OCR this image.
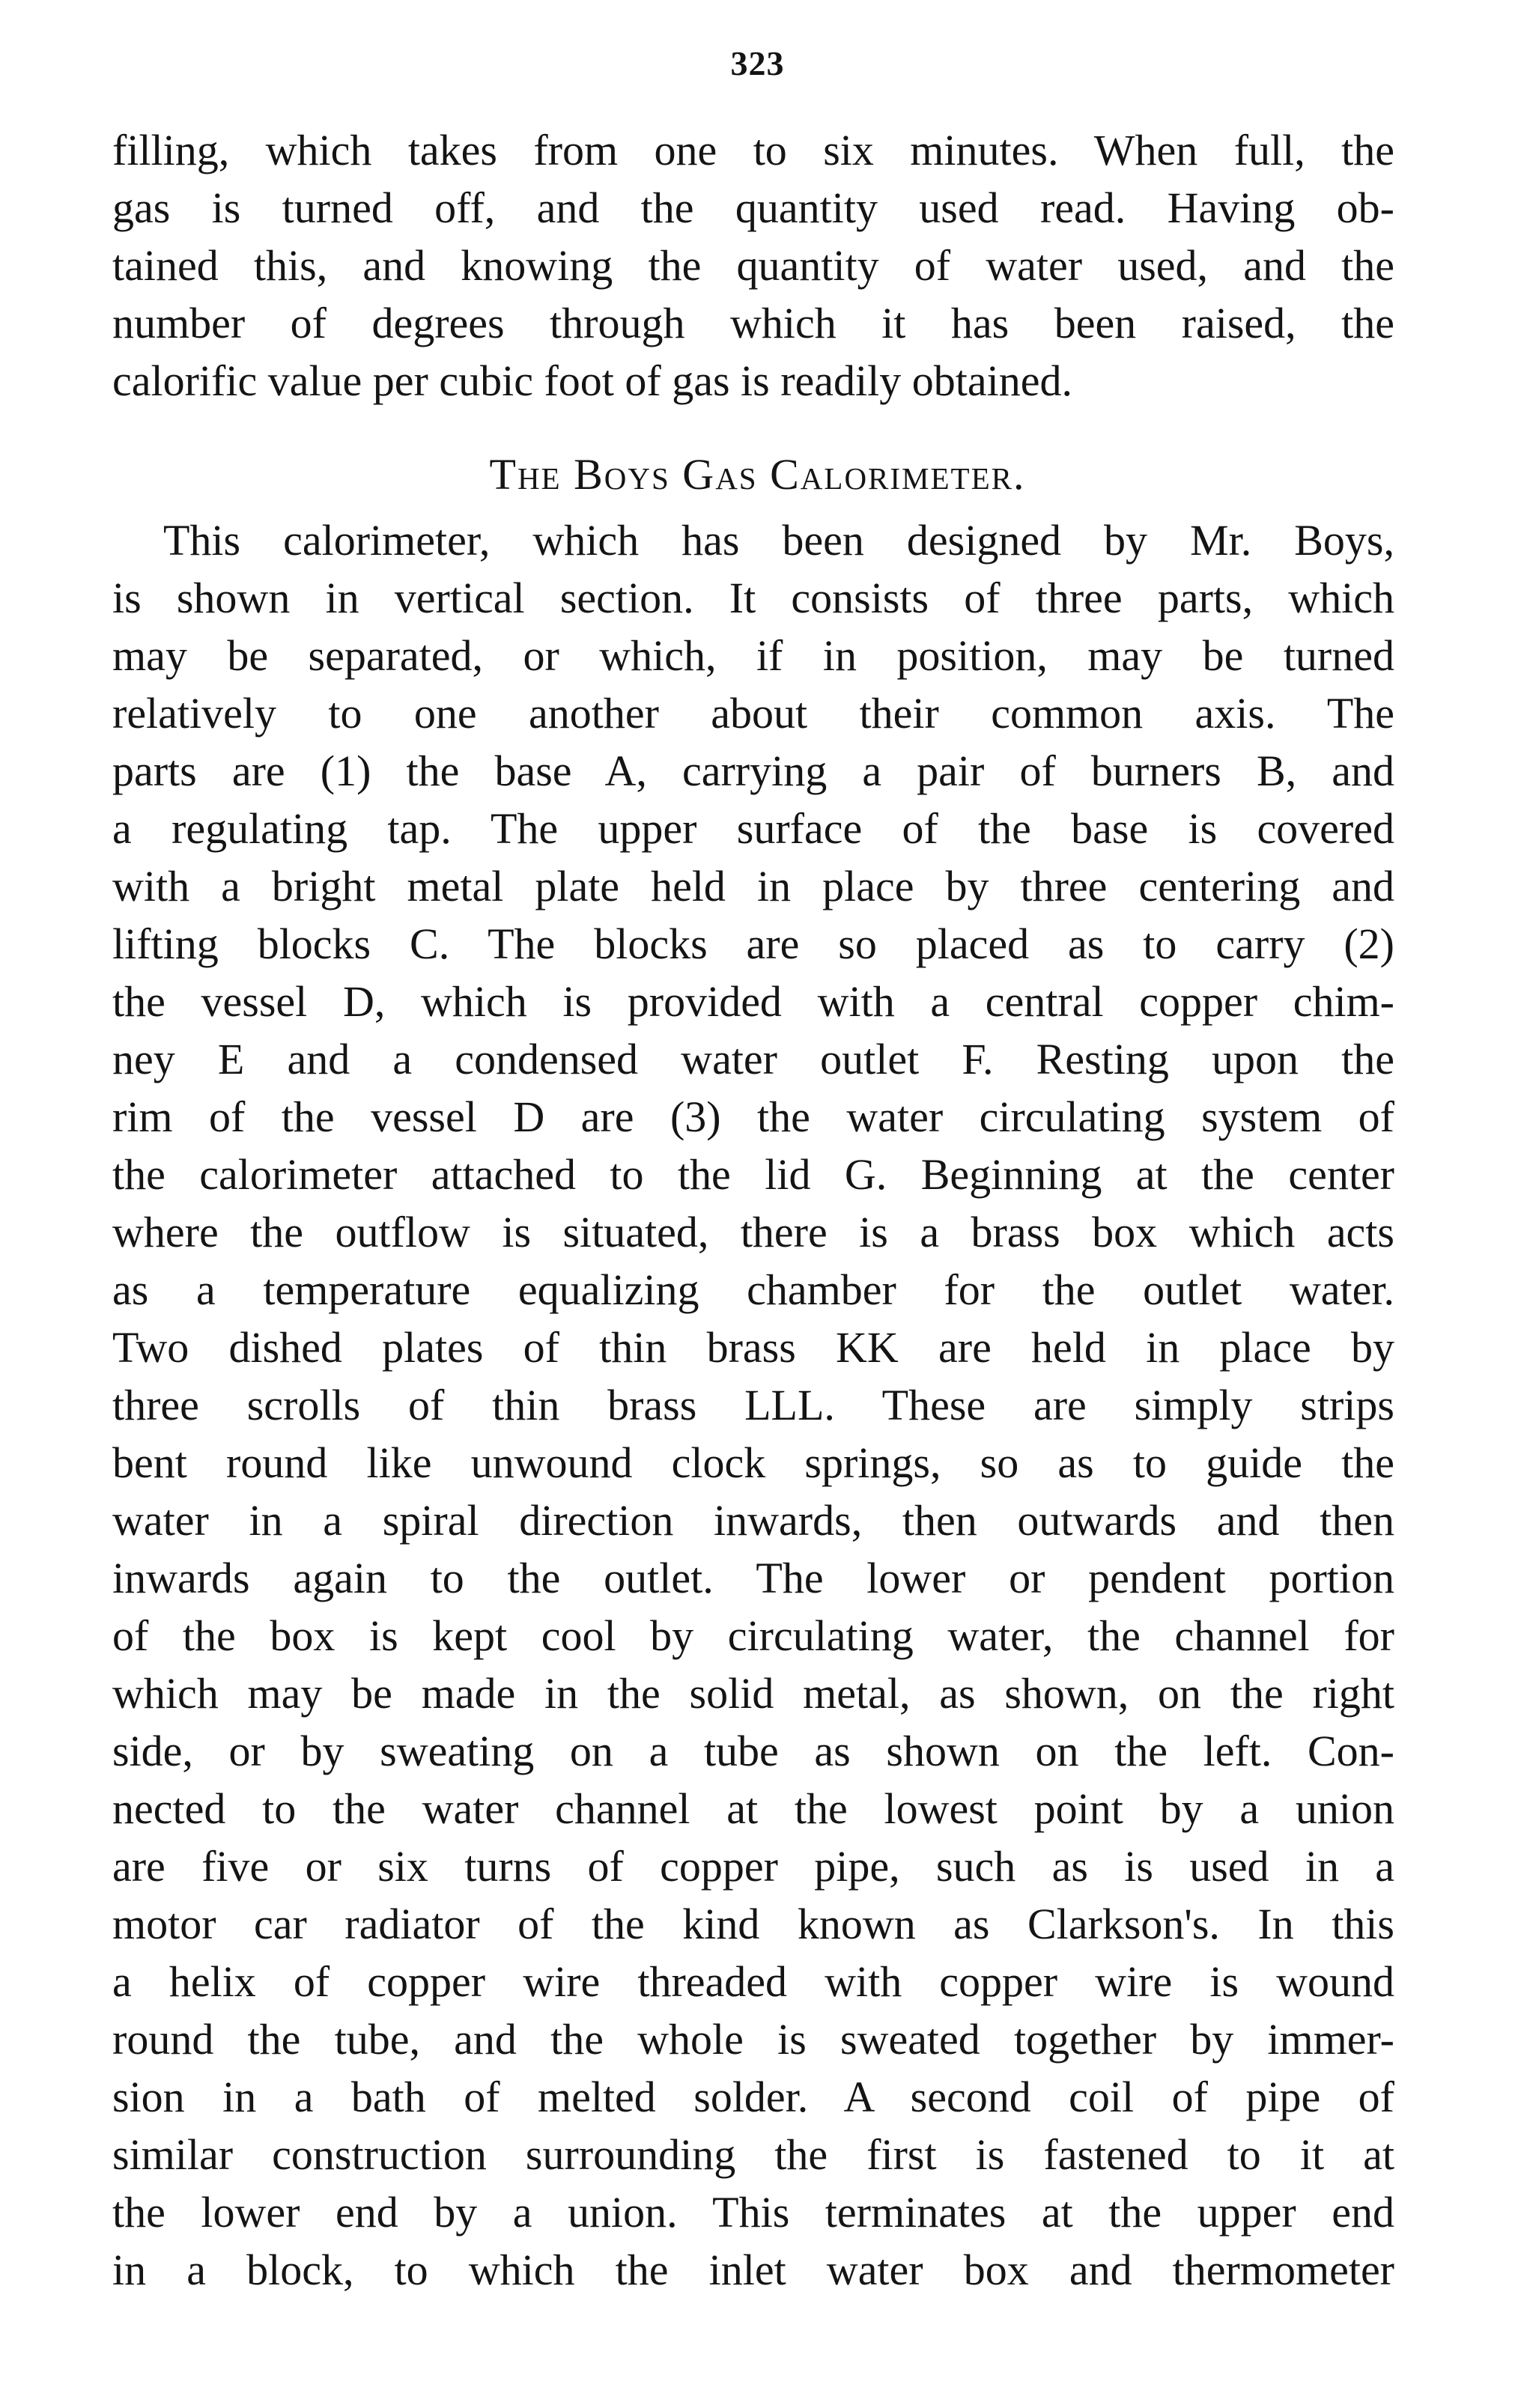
323
filling, which takes from one to six minutes. When full, the
gas is turned off, and the quantity used read. Having ob-
tained this, and knowing the quantity of water used, and the
number of degrees through which it has been raised, the
calorific value per cubic foot of gas is readily obtained.
The Boys Gas Calorimeter.
This calorimeter, which has been designed by Mr. Boys,
is shown in vertical section. It consists of three parts, which
may be separated, or which, if in position, may be turned
relatively to one another about their common axis. The
parts are (1) the base A, carrying a pair of burners B, and
a regulating tap. The upper surface of the base is covered
with a bright metal plate held in place by three centering and
lifting blocks C. The blocks are so placed as to carry (2)
the vessel D, which is provided with a central copper chim-
ney E and a condensed water outlet F. Resting upon the
rim of the vessel D are (3) the water circulating system of
the calorimeter attached to the lid G. Beginning at the center
where the outflow is situated, there is a brass box which acts
as a temperature equalizing chamber for the outlet water.
Two dished plates of thin brass KK are held in place by
three scrolls of thin brass LLL. These are simply strips
bent round like unwound clock springs, so as to guide the
water in a spiral direction inwards, then outwards and then
inwards again to the outlet. The lower or pendent portion
of the box is kept cool by circulating water, the channel for
which may be made in the solid metal, as shown, on the right
side, or by sweating on a tube as shown on the left. Con-
nected to the water channel at the lowest point by a union
are five or six turns of copper pipe, such as is used in a
motor car radiator of the kind known as Clarkson's. In this
a helix of copper wire threaded with copper wire is wound
round the tube, and the whole is sweated together by immer-
sion in a bath of melted solder. A second coil of pipe of
similar construction surrounding the first is fastened to it at
the lower end by a union. This terminates at the upper end
in a block, to which the inlet water box and thermometer
